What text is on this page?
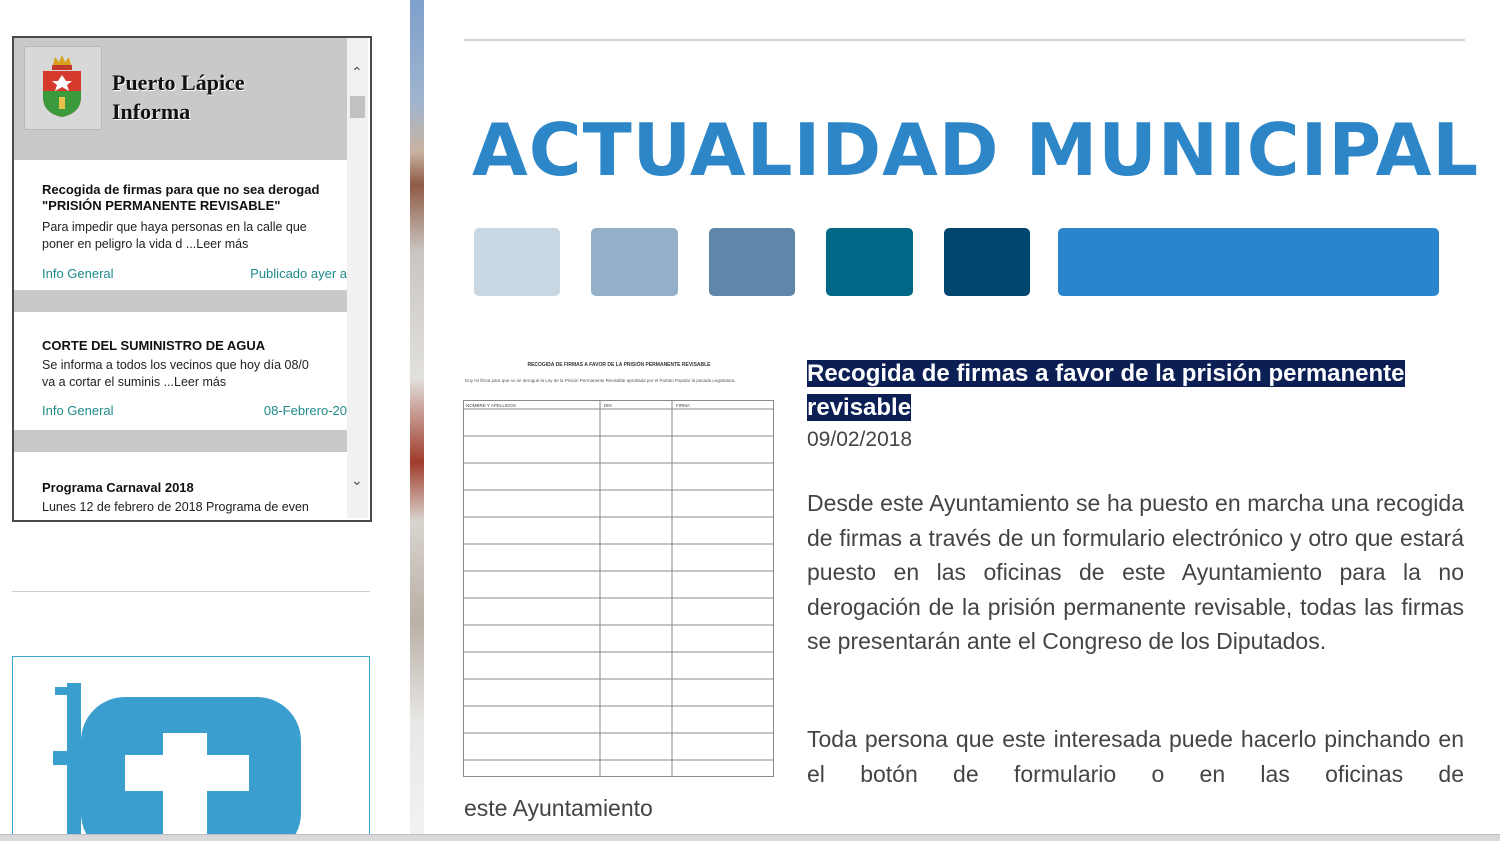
Puerto Lápice
Informa
Recogida de firmas para que no sea derogad
"PRISIÓN PERMANENTE REVISABLE"
Para impedir que haya personas en la calle que
poner en peligro la vida d ...Leer más
Info General	Publicado ayer a
CORTE DEL SUMINISTRO DE AGUA
Se informa a todos los vecinos que hoy día 08/0
va a cortar el suminis ...Leer más
Info General	08-Febrero-20
Programa Carnaval 2018
Lunes 12 de febrero de 2018 Programa de even
⌃
⌄
ACTUALIDAD MUNICIPAL
RECOGIDA DE FIRMAS A FAVOR DE LA PRISIÓN PERMANENTE REVISABLE
Doy mi firma para que no se derogue la Ley de la Prisión Permanente Revisable aprobada por el Partido Popular la pasada Legislatura.
NOMBRE Y APELLIDOS	DNI	FIRMA
Recogida de firmas a favor de la prisión permanente revisable
09/02/2018
Desde este Ayuntamiento se ha puesto en marcha una recogida de firmas a través de un formulario electrónico y otro que estará puesto en las oficinas de este Ayuntamiento para la no derogación de la prisión permanente revisable, todas las firmas se presentarán ante el Congreso de los Diputados.
Toda persona que este interesada puede hacerlo pinchando en el botón de formulario o en las oficinas de
este Ayuntamiento
